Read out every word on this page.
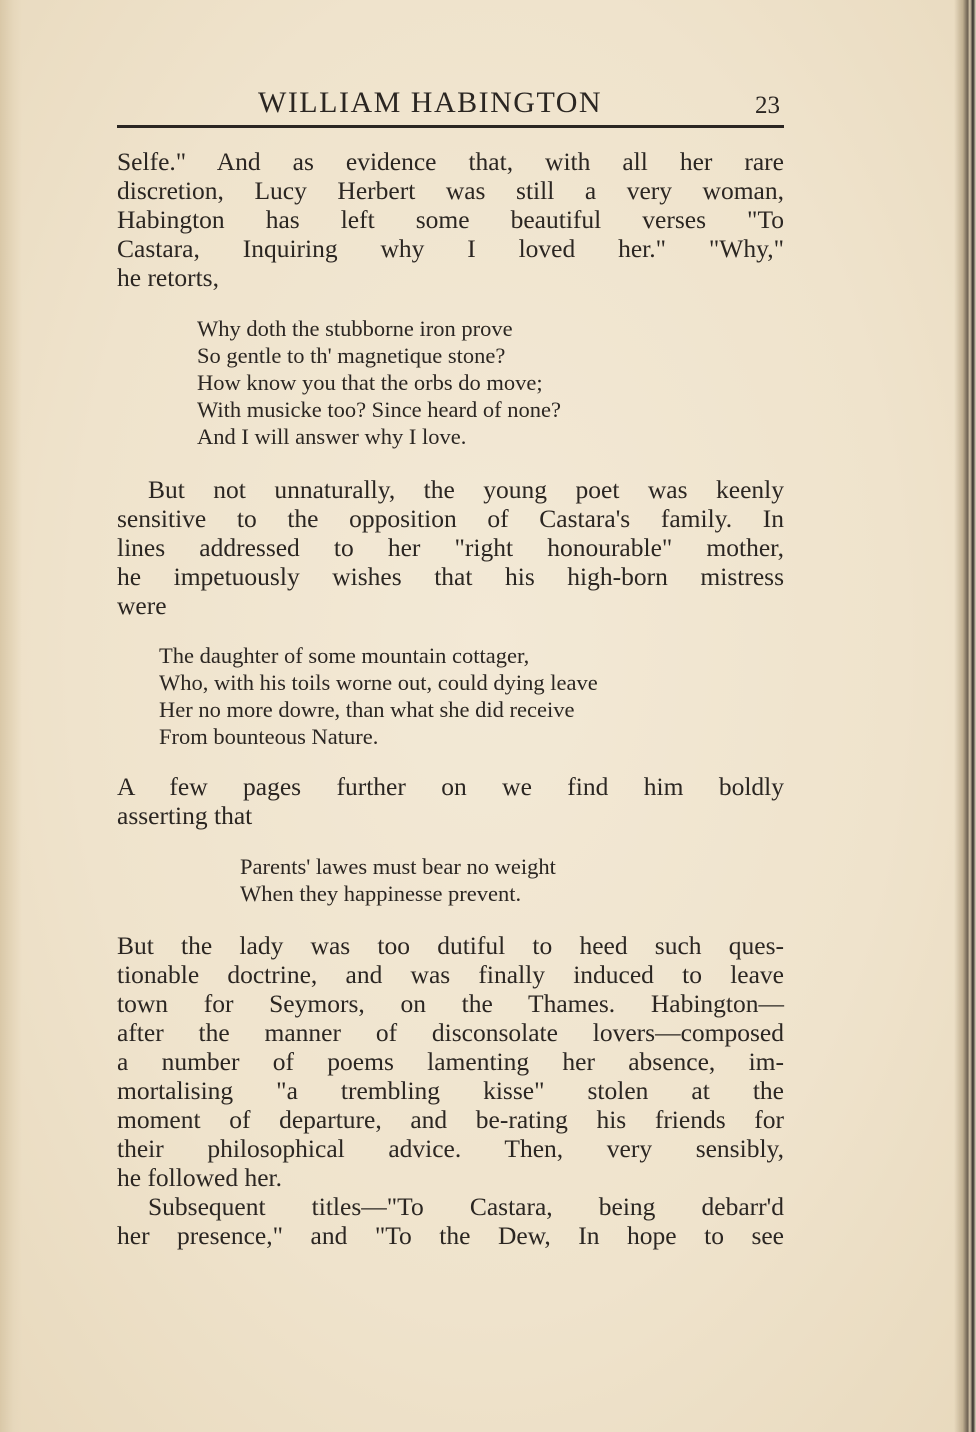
WILLIAM HABINGTON	23
Selfe." And as evidence that, with all her rare
discretion, Lucy Herbert was still a very woman,
Habington has left some beautiful verses "To
Castara, Inquiring why I loved her." "Why,"
he retorts,
Why doth the stubborne iron prove
So gentle to th' magnetique stone?
How know you that the orbs do move;
With musicke too? Since heard of none?
And I will answer why I love.
But not unnaturally, the young poet was keenly
sensitive to the opposition of Castara's family. In
lines addressed to her "right honourable" mother,
he impetuously wishes that his high-born mistress
were
The daughter of some mountain cottager,
Who, with his toils worne out, could dying leave
Her no more dowre, than what she did receive
From bounteous Nature.
A few pages further on we find him boldly
asserting that
Parents' lawes must bear no weight
When they happinesse prevent.
But the lady was too dutiful to heed such ques-
tionable doctrine, and was finally induced to leave
town for Seymors, on the Thames. Habington—
after the manner of disconsolate lovers—composed
a number of poems lamenting her absence, im-
mortalising "a trembling kisse" stolen at the
moment of departure, and be-rating his friends for
their philosophical advice. Then, very sensibly,
he followed her.
Subsequent titles—"To Castara, being debarr'd
her presence," and "To the Dew, In hope to see
